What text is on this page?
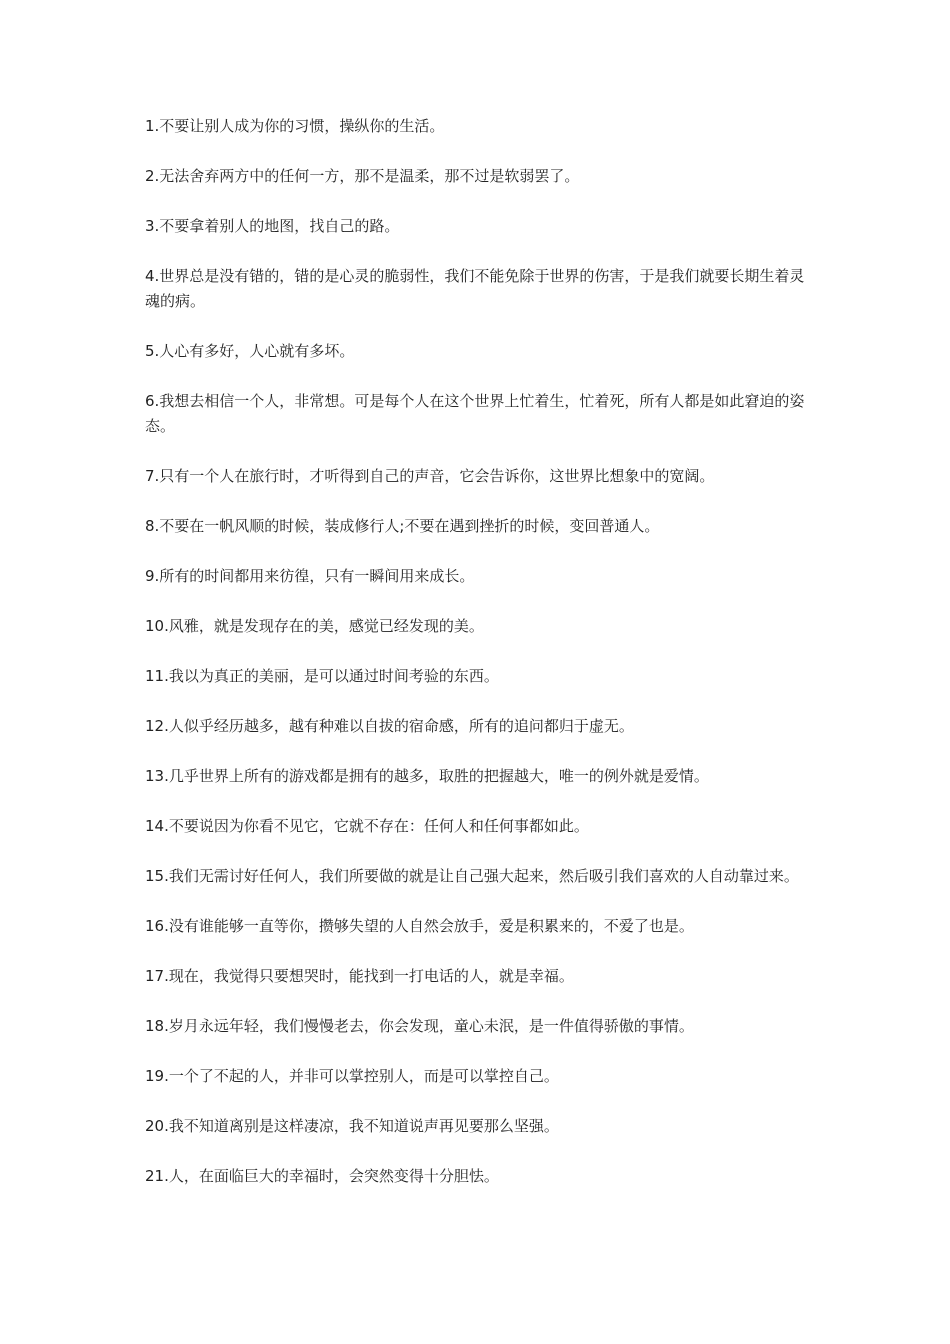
1.不要让别人成为你的习惯，操纵你的生活。

2.无法舍弃两方中的任何一方，那不是温柔，那不过是软弱罢了。

3.不要拿着别人的地图，找自己的路。

4.世界总是没有错的，错的是心灵的脆弱性，我们不能免除于世界的伤害，于是我们就要长期生着灵魂的病。

5.人心有多好，人心就有多坏。

6.我想去相信一个人，非常想。可是每个人在这个世界上忙着生，忙着死，所有人都是如此窘迫的姿态。

7.只有一个人在旅行时，才听得到自己的声音，它会告诉你，这世界比想象中的宽阔。

8.不要在一帆风顺的时候，装成修行人;不要在遇到挫折的时候，变回普通人。

9.所有的时间都用来彷徨，只有一瞬间用来成长。

10.风雅，就是发现存在的美，感觉已经发现的美。

11.我以为真正的美丽，是可以通过时间考验的东西。

12.人似乎经历越多，越有种难以自拔的宿命感，所有的追问都归于虚无。

13.几乎世界上所有的游戏都是拥有的越多，取胜的把握越大，唯一的例外就是爱情。

14.不要说因为你看不见它，它就不存在：任何人和任何事都如此。

15.我们无需讨好任何人，我们所要做的就是让自己强大起来，然后吸引我们喜欢的人自动靠过来。

16.没有谁能够一直等你，攒够失望的人自然会放手，爱是积累来的，不爱了也是。

17.现在，我觉得只要想哭时，能找到一打电话的人，就是幸福。

18.岁月永远年轻，我们慢慢老去，你会发现，童心未泯，是一件值得骄傲的事情。

19.一个了不起的人，并非可以掌控别人，而是可以掌控自己。

20.我不知道离别是这样凄凉，我不知道说声再见要那么坚强。

21.人，在面临巨大的幸福时，会突然变得十分胆怯。
